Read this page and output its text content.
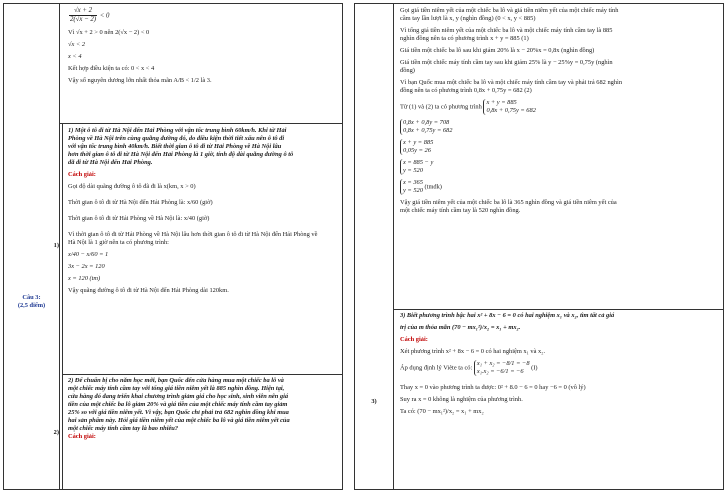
$\frac{√x + 2}{2(√x - 2)} < 0$
Vì √x + 2 > 0 nên 2(√x − 2) < 0
√x < 2
x < 4
Kết hợp điều kiện ta có: 0 < x < 4
Vậy số nguyên dương lớn nhất thỏa mãn A/B < 1/2 là 3.
Câu 3:
(2,5 điểm)
1) Một ô tô đi từ Hà Nội đến Hải Phòng với vận tốc trung bình 60km/h. Khi từ Hải
Phòng về Hà Nội trên cùng quãng đường đó, do điều kiện thời tiết xấu nên ô tô đi
với vận tốc trung bình 40km/h. Biết thời gian ô tô đi từ Hải Phòng về Hà Nội lâu
hơn thời gian ô tô đi từ Hà Nội đến Hải Phòng là 1 giờ, tính độ dài quãng đường ô tô
đã đi từ Hà Nội đến Hải Phòng.
Cách giải:
Gọi độ dài quãng đường ô tô đã đi là x(km, x > 0)
Thời gian ô tô đi từ Hà Nội đến Hải Phòng là: x/60 (giờ)
Thời gian ô tô đi từ Hải Phòng về Hà Nội là: x/40 (giờ)
Vì thời gian ô tô đi từ Hải Phòng về Hà Nội lâu hơn thời gian ô tô đi từ Hà Nội đến Hải Phòng về
Hà Nội là 1 giờ nên ta có phương trình:
x/40 − x/60 = 1
3x − 2x = 120
x = 120 (tm)
Vậy quãng đường ô tô đi từ Hà Nội đến Hải Phòng dài 120km.
1)
2) Để chuẩn bị cho năm học mới, bạn Quốc đến cửa hàng mua một chiếc ba lô và
một chiếc máy tính cầm tay với tổng giá tiền niêm yết là 885 nghìn đồng. Hiện tại,
cửa hàng đó đang triển khai chương trình giảm giá cho học sinh, sinh viên nên giá
tiền của một chiếc ba lô giảm 20% và giá tiền của một chiếc máy tính cầm tay giảm
25% so với giá tiền niêm yết. Vì vậy, bạn Quốc chỉ phải trả 682 nghìn đồng khi mua
hai sản phẩm này. Hỏi giá tiền niêm yết của một chiếc ba lô và giá tiền niêm yết của
một chiếc máy tính cầm tay là bao nhiêu?
Cách giải:
2)
Gọi giá tiền niêm yết của một chiếc ba lô và giá tiền niêm yết của một chiếc máy tính
cầm tay lần lượt là x, y (nghìn đồng) (0 < x, y < 885)
Vì tổng giá tiền niêm yết của một chiếc ba lô và một chiếc máy tính cầm tay là 885
nghìn đồng nên ta có phương trình x + y = 885 (1)
Giá tiền một chiếc ba lô sau khi giảm 20% là x − 20%x = 0,8x (nghìn đồng)
Giá tiền một chiếc máy tính cầm tay sau khi giảm 25% là y − 25%y = 0,75y (nghìn
đồng)
Vì bạn Quốc mua một chiếc ba lô và một chiếc máy tính cầm tay và phải trả 682 nghìn
đồng nên ta có phương trình 0,8x + 0,75y = 682 (2)
Từ (1) và (2) ta có phương trình
x + y = 885
0,8x + 0,75y = 682
0,8x + 0,8y = 708
0,8x + 0,75y = 682
x + y = 885
0,05y = 26
x = 885 − y
y = 520
x = 365
y = 520
(tmdk)
Vậy giá tiền niêm yết của một chiếc ba lô là 365 nghìn đồng và giá tiền niêm yết của
một chiếc máy tính cầm tay là 520 nghìn đồng.
3)
3) Biết phương trình bậc hai x² + 8x − 6 = 0 có hai nghiệm x₁ và x₂, tìm tất cả giá
trị của m thỏa mãn (70 − mx₁²)/x₂ = x₁ + mx₂.
Cách giải:
Xét phương trình x² + 8x − 6 = 0 có hai nghiệm x₁ và x₂.
Áp dụng định lý Viète ta có:
x₁ + x₂ = −8/1 = −8
x₁.x₂ = −6/1 = −6
(I)
Thay x = 0 vào phương trình ta được: 0² + 8.0 − 6 = 0 hay −6 = 0 (vô lý)
Suy ra x = 0 không là nghiệm của phương trình.
Ta có: (70 − mx₁²)/x₂ = x₁ + mx₂
